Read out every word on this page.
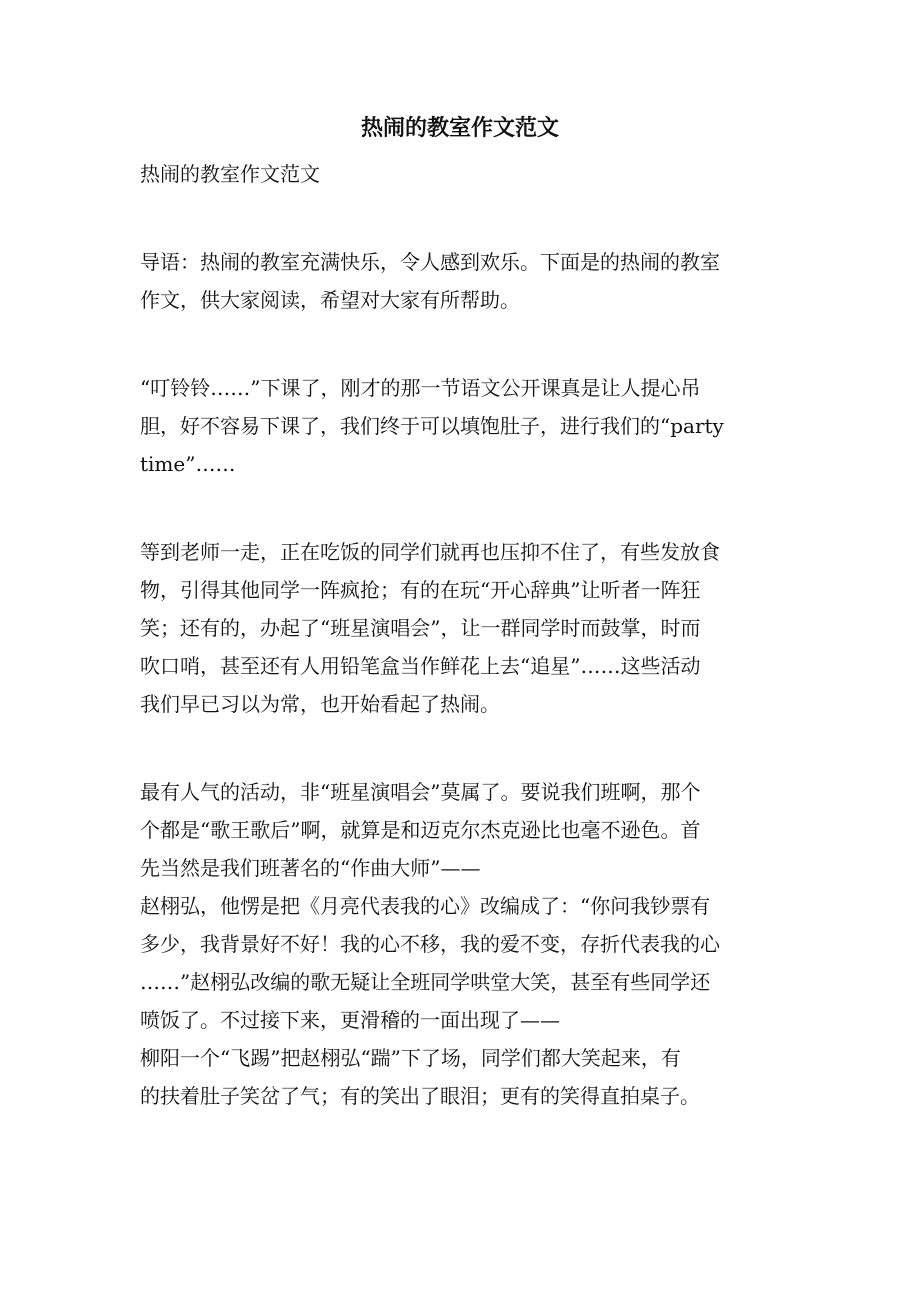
热闹的教室作文范文

热闹的教室作文范文

导语：热闹的教室充满快乐，令人感到欢乐。下面是的热闹的教室
作文，供大家阅读，希望对大家有所帮助。

“叮铃铃……”下课了，刚才的那一节语文公开课真是让人提心吊
胆，好不容易下课了，我们终于可以填饱肚子，进行我们的“party
time”……

等到老师一走，正在吃饭的同学们就再也压抑不住了，有些发放食
物，引得其他同学一阵疯抢；有的在玩“开心辞典”让听者一阵狂
笑；还有的，办起了“班星演唱会”，让一群同学时而鼓掌，时而
吹口哨，甚至还有人用铅笔盒当作鲜花上去“追星”……这些活动
我们早已习以为常，也开始看起了热闹。

最有人气的活动，非“班星演唱会”莫属了。要说我们班啊，那个
个都是“歌王歌后”啊，就算是和迈克尔杰克逊比也毫不逊色。首
先当然是我们班著名的“作曲大师”——
赵栩弘，他愣是把《月亮代表我的心》改编成了：“你问我钞票有
多少，我背景好不好！我的心不移，我的爱不变，存折代表我的心
……”赵栩弘改编的歌无疑让全班同学哄堂大笑，甚至有些同学还
喷饭了。不过接下来，更滑稽的一面出现了——
柳阳一个“飞踢”把赵栩弘“踹”下了场，同学们都大笑起来，有
的扶着肚子笑岔了气；有的笑出了眼泪；更有的笑得直拍桌子。
